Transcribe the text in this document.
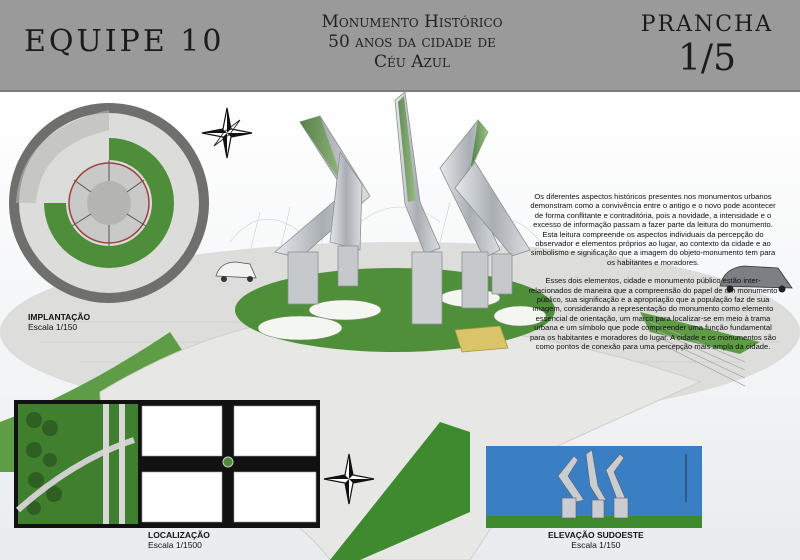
EQUIPE 10
Monumento Histórico
50 anos da cidade de
Céu Azul
PRANCHA
1/5

Os diferentes aspectos históricos presentes nos monumentos urbanos demonstram como a convivência entre o antigo e o novo pode acontecer de forma conflitante e contraditória, pois a novidade, a intensidade e o excesso de informação passam a fazer parte da leitura do monumento. Esta leitura compreende os aspectos individuais da percepção do observador e elementos próprios ao lugar, ao contexto da cidade e ao simbolismo e significação que a imagem do objeto-monumento tem para os habitantes e moradores.

Esses dois elementos, cidade e monumento público estão inter-relacionados de maneira que a compreensão do papel de um monumento público, sua significação e a apropriação que a população faz de sua imagem, considerando a representação do monumento como elemento essencial de orientação, um marco para localizar-se em meio à trama urbana e um símbolo que pode compreender uma função fundamental para os habitantes e moradores do lugar. A cidade e os monumentos são como pontos de conexão para uma percepção mais ampla da cidade.

IMPLANTAÇÃO
Escala 1/150
LOCALIZAÇÃO
Escala 1/1500
ELEVAÇÃO SUDOESTE
Escala 1/150
